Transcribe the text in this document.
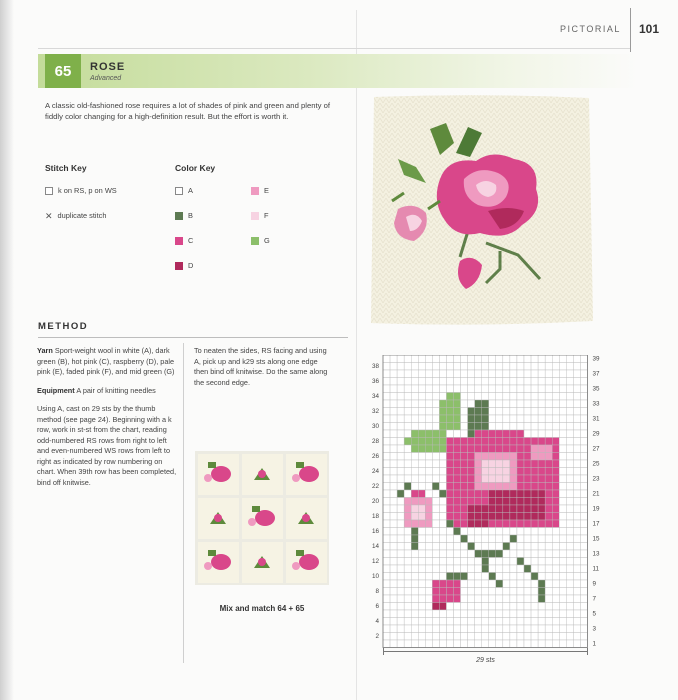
PICTORIAL 101
65	ROSE
Advanced
A classic old-fashioned rose requires a lot of shades of pink and green and plenty of fiddly color changing for a high-definition result. But the effort is worth it.
Stitch Key
k on RS, p on WS
✕ duplicate stitch
Color Key
A
B
C
D
E
F
G
METHOD

Yarn Sport-weight wool in white (A), dark green (B), hot pink (C), raspberry (D), pale pink (E), faded pink (F), and mid green (G)

Equipment A pair of knitting needles

Using A, cast on 29 sts by the thumb method (see page 24). Beginning with a k row, work in st-st from the chart, reading odd-numbered RS rows from right to left and even-numbered WS rows from left to right as indicated by row numbering on chart. When 39th row has been completed, bind off knitwise.

To neaten the sides, RS facing and using A, pick up and k29 sts along one edge then bind off knitwise. Do the same along the second edge.
Mix and match 64 + 65
38
36
34
32
30
28
26
24
22
20
18
16
14
12
10
8
6
4
2
39
37
35
33
31
29
27
25
23
21
19
17
15
13
11
9
7
5
3
1
29 sts
